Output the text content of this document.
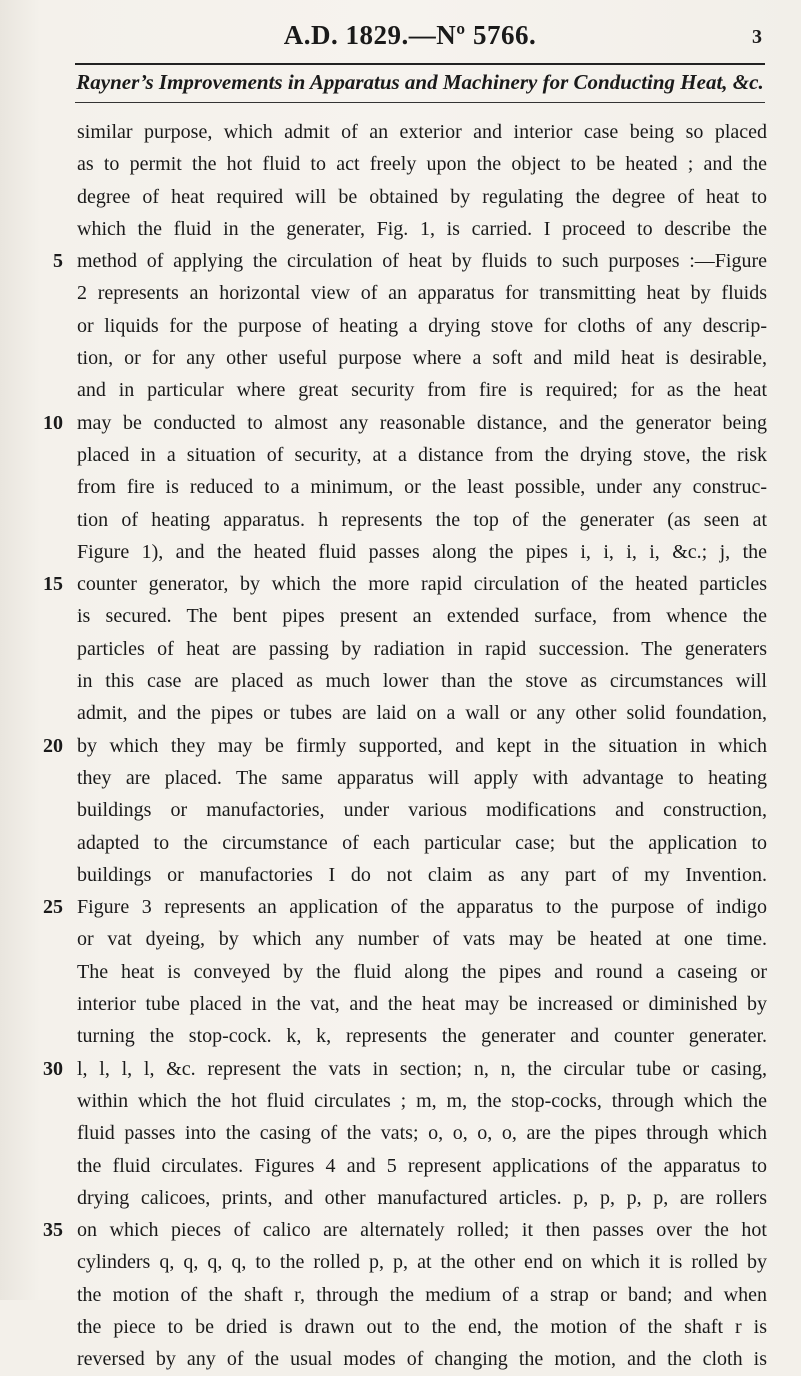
A.D. 1829.—Nº 5766.	3
Rayner’s Improvements in Apparatus and Machinery for Conducting Heat, &c.
similar purpose, which admit of an exterior and interior case being so placed
as to permit the hot fluid to act freely upon the object to be heated ; and the
degree of heat required will be obtained by regulating the degree of heat to
which the fluid in the generater, Fig. 1, is carried. I proceed to describe the
5 method of applying the circulation of heat by fluids to such purposes :—Figure
2 represents an horizontal view of an apparatus for transmitting heat by fluids
or liquids for the purpose of heating a drying stove for cloths of any descrip-
tion, or for any other useful purpose where a soft and mild heat is desirable,
and in particular where great security from fire is required; for as the heat
10 may be conducted to almost any reasonable distance, and the generator being
placed in a situation of security, at a distance from the drying stove, the risk
from fire is reduced to a minimum, or the least possible, under any construc-
tion of heating apparatus. h represents the top of the generater (as seen at
Figure 1), and the heated fluid passes along the pipes i, i, i, i, &c.; j, the
15 counter generator, by which the more rapid circulation of the heated particles
is secured. The bent pipes present an extended surface, from whence the
particles of heat are passing by radiation in rapid succession. The generaters
in this case are placed as much lower than the stove as circumstances will
admit, and the pipes or tubes are laid on a wall or any other solid foundation,
20 by which they may be firmly supported, and kept in the situation in which
they are placed. The same apparatus will apply with advantage to heating
buildings or manufactories, under various modifications and construction,
adapted to the circumstance of each particular case; but the application to
buildings or manufactories I do not claim as any part of my Invention.
25 Figure 3 represents an application of the apparatus to the purpose of indigo
or vat dyeing, by which any number of vats may be heated at one time.
The heat is conveyed by the fluid along the pipes and round a caseing or
interior tube placed in the vat, and the heat may be increased or diminished by
turning the stop-cock. k, k, represents the generater and counter generater.
30 l, l, l, l, &c. represent the vats in section; n, n, the circular tube or casing,
within which the hot fluid circulates ; m, m, the stop-cocks, through which the
fluid passes into the casing of the vats; o, o, o, o, are the pipes through which
the fluid circulates. Figures 4 and 5 represent applications of the apparatus to
drying calicoes, prints, and other manufactured articles. p, p, p, p, are rollers
35 on which pieces of calico are alternately rolled; it then passes over the hot
cylinders q, q, q, q, to the rolled p, p, at the other end on which it is rolled by
the motion of the shaft r, through the medium of a strap or band; and when
the piece to be dried is drawn out to the end, the motion of the shaft r is
reversed by any of the usual modes of changing the motion, and the cloth is
